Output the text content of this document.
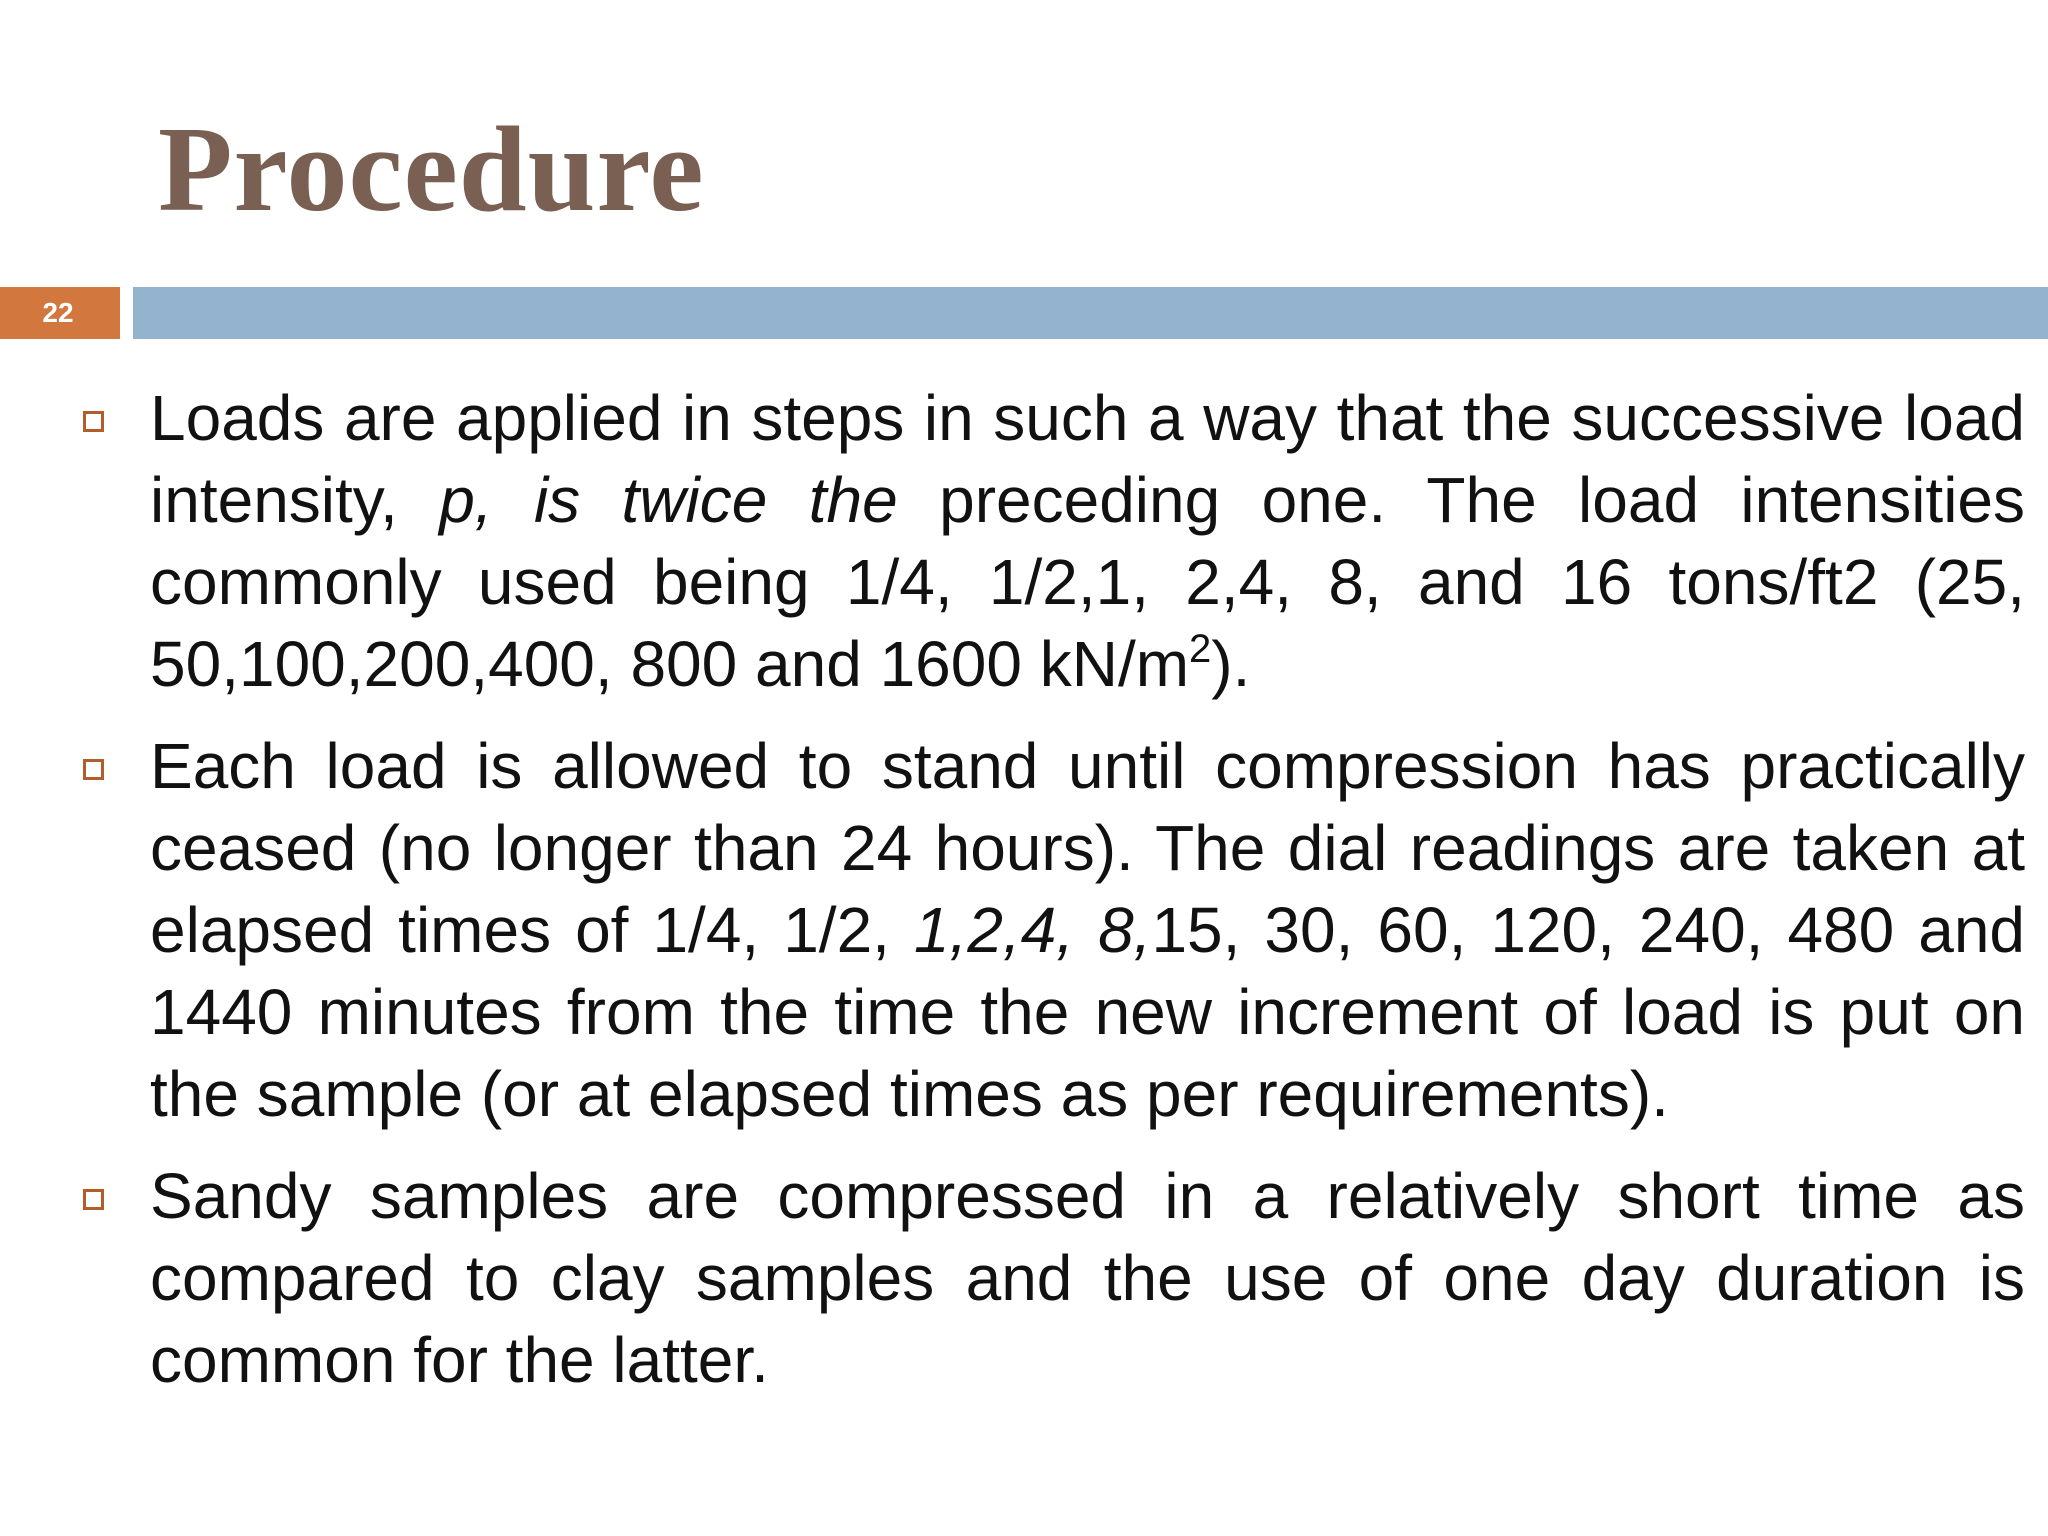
Procedure
22
Loads are applied in steps in such a way that the successive load intensity, p, is twice the preceding one. The load intensities commonly used being 1/4, 1/2,1, 2,4, 8, and 16 tons/ft2 (25, 50,100,200,400, 800 and 1600 $kN/m^2$).
Each load is allowed to stand until compression has practically ceased (no longer than 24 hours). The dial readings are taken at elapsed times of 1/4, 1/2, 1,2,4, 8,15, 30, 60, 120, 240, 480 and 1440 minutes from the time the new increment of load is put on the sample (or at elapsed times as per requirements).
Sandy samples are compressed in a relatively short time as compared to clay samples and the use of one day duration is common for the latter.
